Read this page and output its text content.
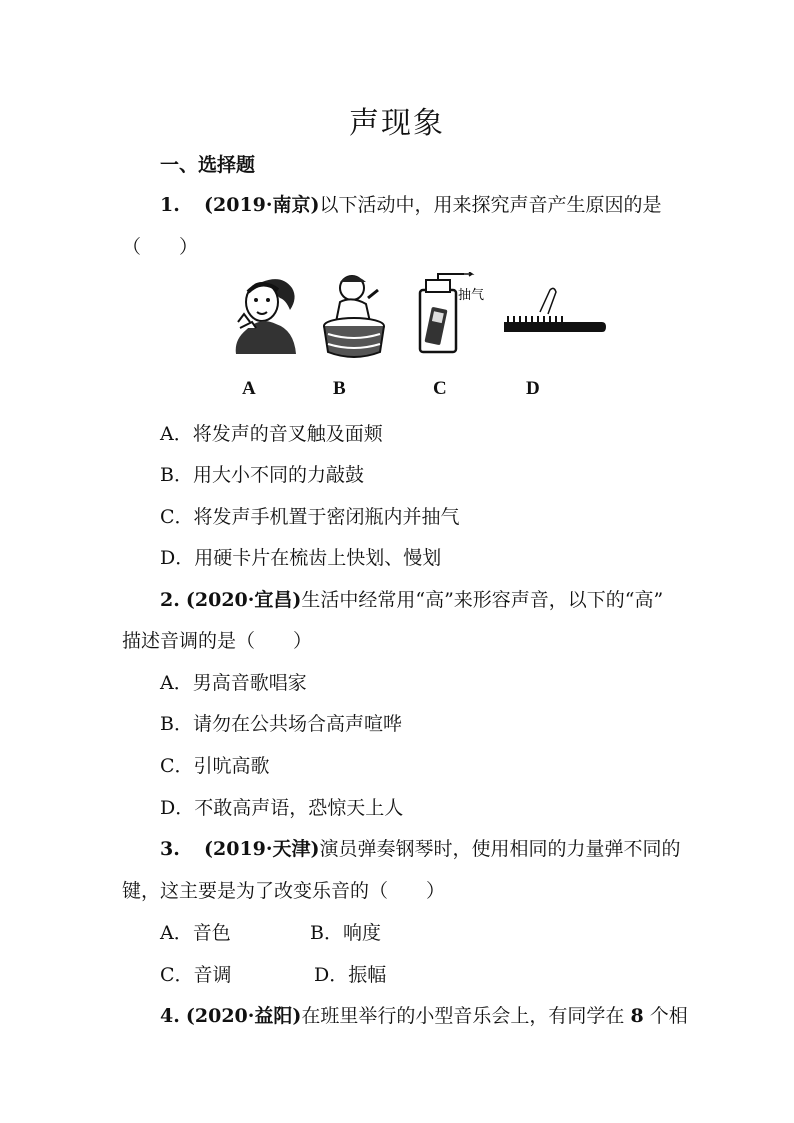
声现象
一、选择题
1. (2019·南京)以下活动中，用来探究声音产生原因的是
（　　）
抽气
A	B	C	D
A．将发声的音叉触及面颊
B．用大小不同的力敲鼓
C．将发声手机置于密闭瓶内并抽气
D．用硬卡片在梳齿上快划、慢划
2. (2020·宜昌)生活中经常用“高”来形容声音，以下的“高”
描述音调的是（　　）
A．男高音歌唱家
B．请勿在公共场合高声喧哗
C．引吭高歌
D．不敢高声语，恐惊天上人
3. (2019·天津)演员弹奏钢琴时，使用相同的力量弹不同的
键，这主要是为了改变乐音的（　　）
A．音色	B．响度
C．音调	D．振幅
4. (2020·益阳)在班里举行的小型音乐会上，有同学在 8 个相
